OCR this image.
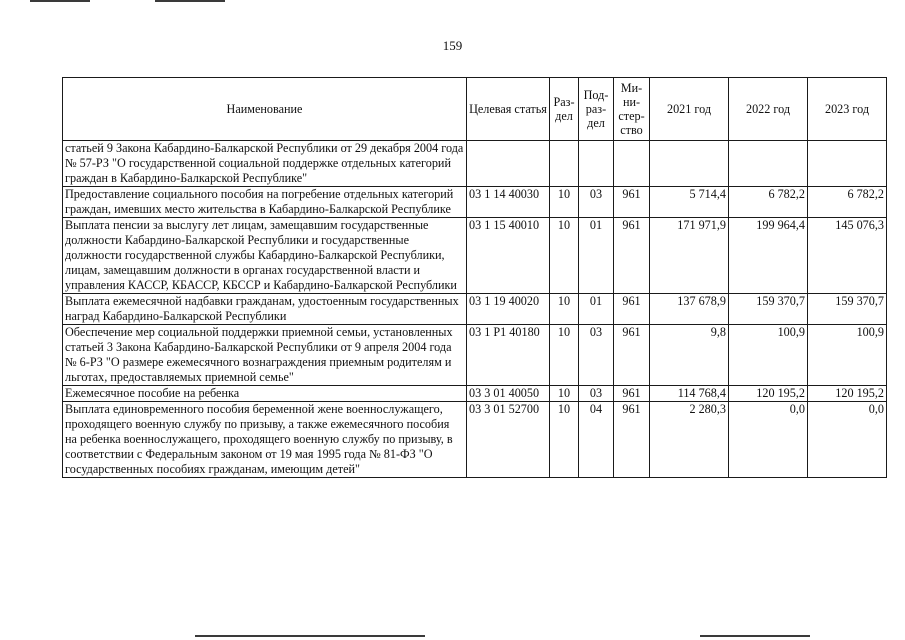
159
Наименование	Целевая статья	Раз-дел	Под-раз-дел	Ми-ни-стер-ство	2021 год	2022 год	2023 год
статьей 9 Закона Кабардино-Балкарской Республики от 29 декабря 2004 года № 57-РЗ "О государственной социальной поддержке отдельных категорий граждан в Кабардино-Балкарской Республике"							
Предоставление социального пособия на погребение отдельных категорий граждан, имевших место жительства в Кабардино-Балкарской Республике	03 1 14 40030	10	03	961	5 714,4	6 782,2	6 782,2
Выплата пенсии за выслугу лет лицам, замещавшим государственные должности Кабардино-Балкарской Республики и государственные должности государственной службы Кабардино-Балкарской Республики, лицам, замещавшим должности в органах государственной власти и управления КАССР, КБАССР, КБССР и Кабардино-Балкарской Республики	03 1 15 40010	10	01	961	171 971,9	199 964,4	145 076,3
Выплата ежемесячной надбавки гражданам, удостоенным государственных наград Кабардино-Балкарской Республики	03 1 19 40020	10	01	961	137 678,9	159 370,7	159 370,7
Обеспечение мер социальной поддержки приемной семьи, установленных статьей 3 Закона Кабардино-Балкарской Республики от 9 апреля 2004 года № 6-РЗ "О размере ежемесячного вознаграждения приемным родителям и льготах, предоставляемых приемной семье"	03 1 P1 40180	10	03	961	9,8	100,9	100,9
Ежемесячное пособие на ребенка	03 3 01 40050	10	03	961	114 768,4	120 195,2	120 195,2
Выплата единовременного пособия беременной жене военнослужащего, проходящего военную службу по призыву, а также ежемесячного пособия на ребенка военнослужащего, проходящего военную службу по призыву, в соответствии с Федеральным законом от 19 мая 1995 года № 81-ФЗ "О государственных пособиях гражданам, имеющим детей"	03 3 01 52700	10	04	961	2 280,3	0,0	0,0
